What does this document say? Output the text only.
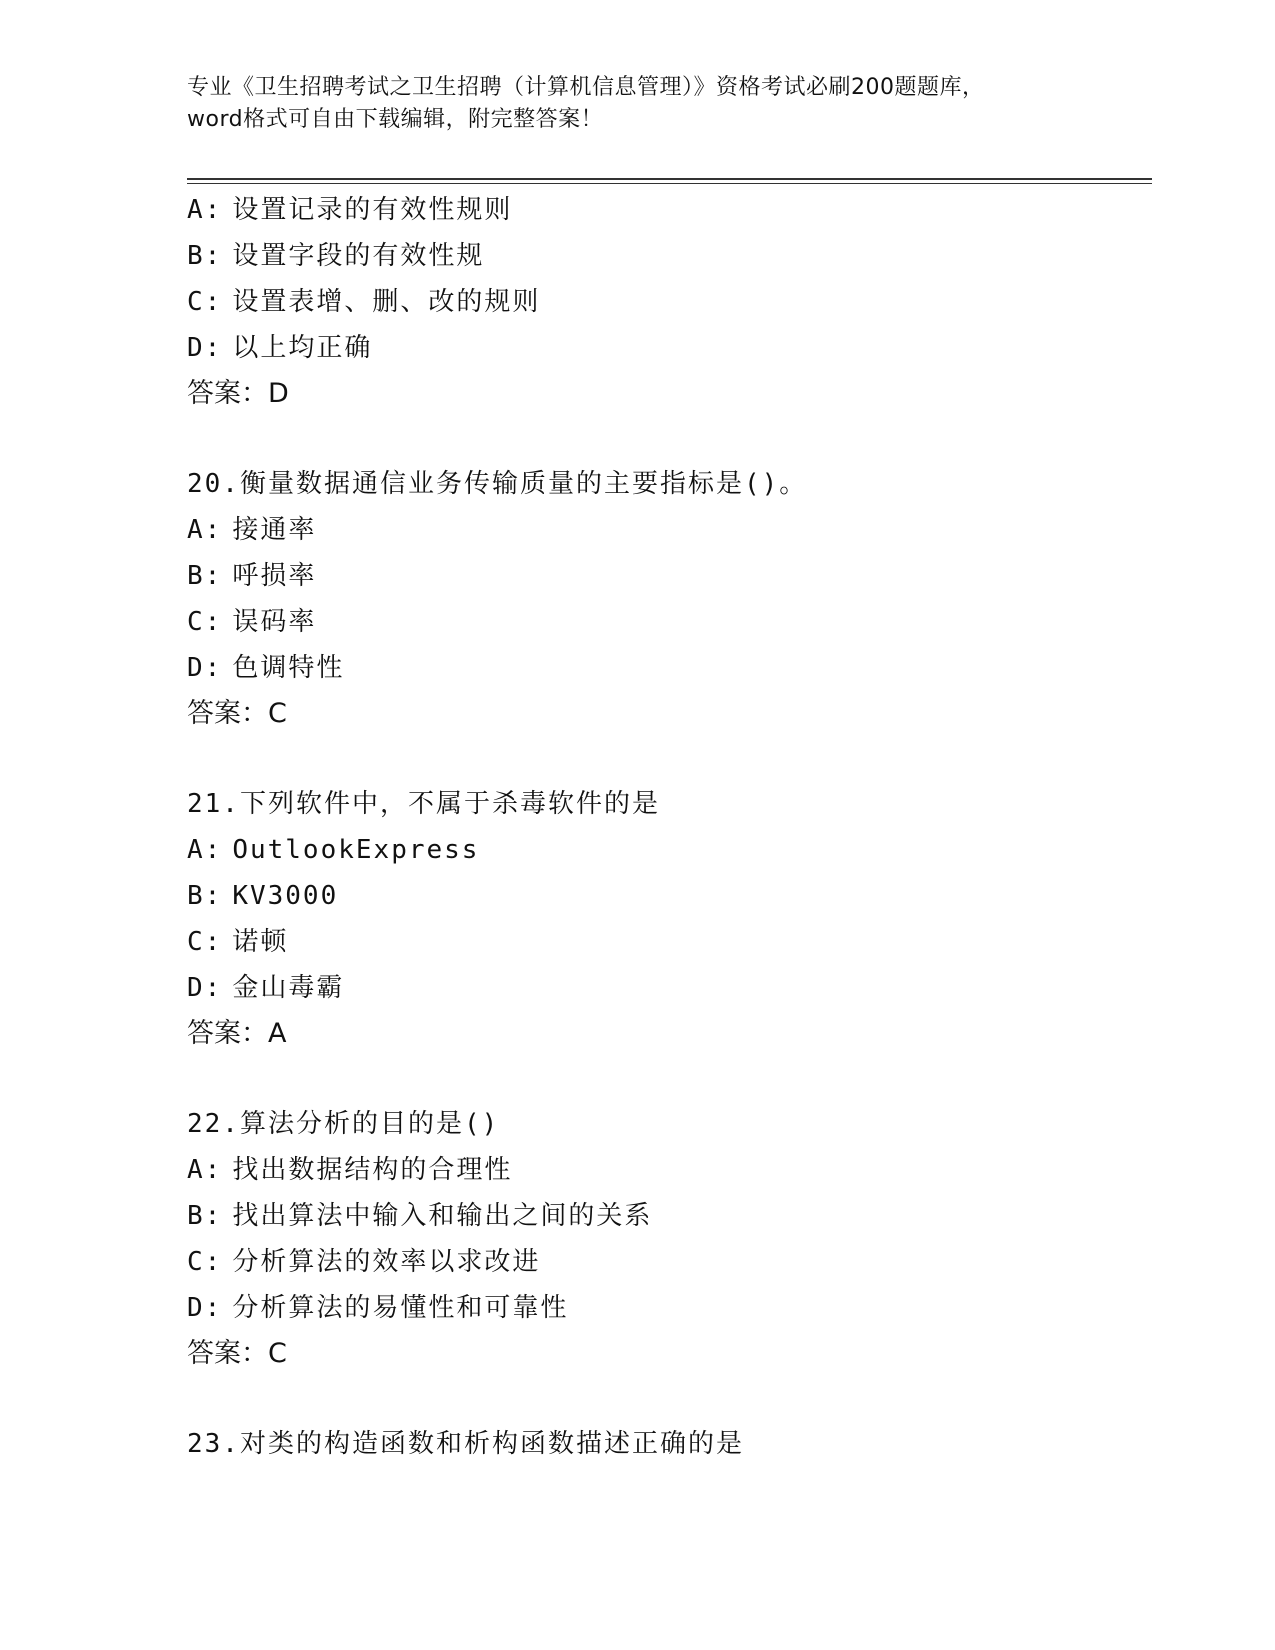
专业《卫生招聘考试之卫生招聘（计算机信息管理）》资格考试必刷200题题库，
word格式可自由下载编辑，附完整答案！
A: 设置记录的有效性规则
B: 设置字段的有效性规
C: 设置表增、删、改的规则
D: 以上均正确
答案：D
20.衡量数据通信业务传输质量的主要指标是()。
A: 接通率
B: 呼损率
C: 误码率
D: 色调特性
答案：C
21.下列软件中，不属于杀毒软件的是
A: OutlookExpress
B: KV3000
C: 诺顿
D: 金山毒霸
答案：A
22.算法分析的目的是()
A: 找出数据结构的合理性
B: 找出算法中输入和输出之间的关系
C: 分析算法的效率以求改进
D: 分析算法的易懂性和可靠性
答案：C
23.对类的构造函数和析构函数描述正确的是
